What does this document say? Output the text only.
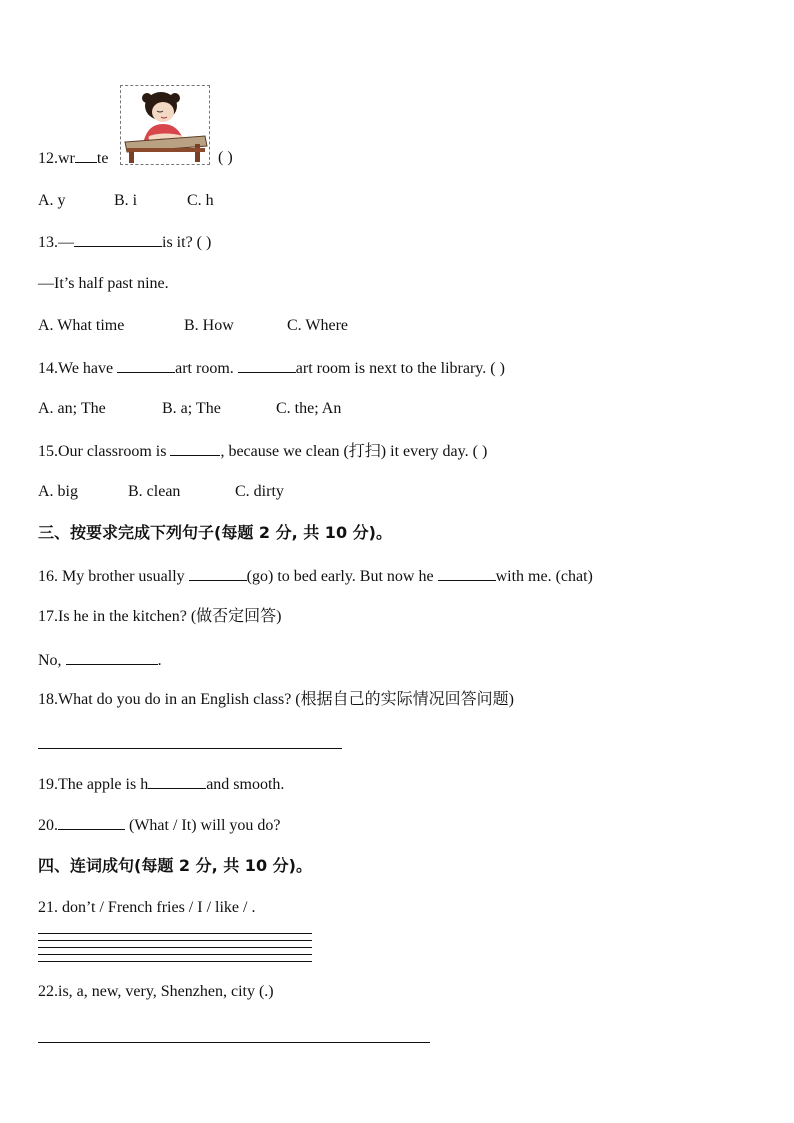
12.wr te	( )
A. y	B. i	C. h
13.—	is it? ( )
—It’s half past nine.
A. What time	B. How	C. Where
14.We have	art room.	art room is next to the library. ( )
A. an; The	B. a; The	C. the; An
15.Our classroom is	, because we clean (打扫) it every day. ( )
A. big	B. clean	C. dirty
三、按要求完成下列句子(每题 2 分, 共 10 分)。
16. My brother usually	(go) to bed early. But now he	with me. (chat)
17.Is he in the kitchen? (做否定回答)
No,	.
18.What do you do in an English class? (根据自己的实际情况回答问题)
19.The apple is h	and smooth.
20.	(What / It) will you do?
四、连词成句(每题 2 分, 共 10 分)。
21. don’t / French fries / I / like / .
22.is, a, new, very, Shenzhen, city (.)
